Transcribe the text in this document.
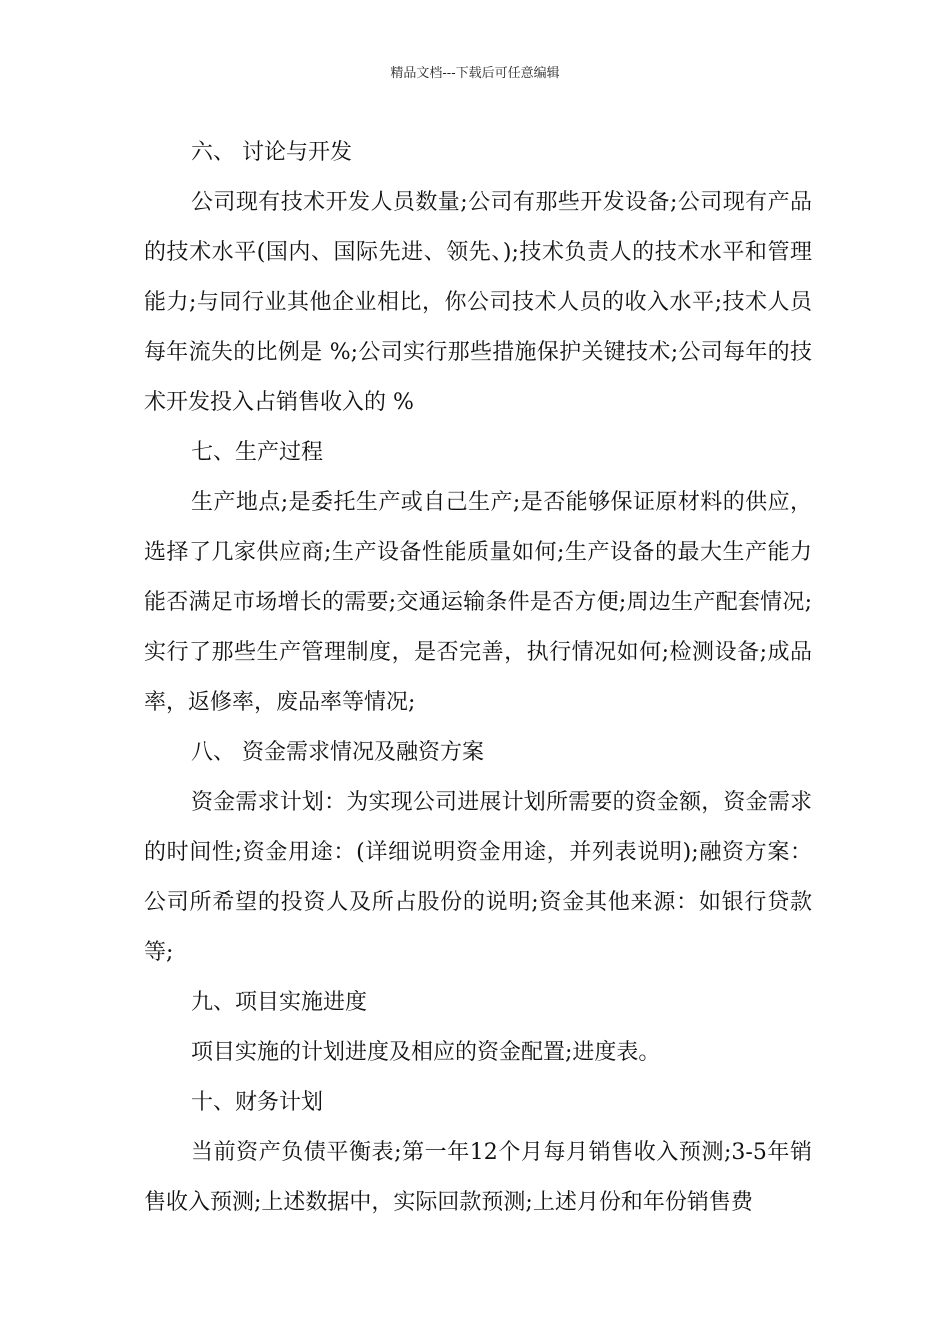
精品文档---下载后可任意编辑
六、 讨论与开发

公司现有技术开发人员数量;公司有那些开发设备;公司现有产品的技术水平(国内、国际先进、领先、);技术负责人的技术水平和管理能力;与同行业其他企业相比，你公司技术人员的收入水平;技术人员每年流失的比例是 %;公司实行那些措施保护关键技术;公司每年的技术开发投入占销售收入的 %

七、生产过程

生产地点;是委托生产或自己生产;是否能够保证原材料的供应，选择了几家供应商;生产设备性能质量如何;生产设备的最大生产能力能否满足市场增长的需要;交通运输条件是否方便;周边生产配套情况;实行了那些生产管理制度，是否完善，执行情况如何;检测设备;成品率，返修率，废品率等情况;

八、 资金需求情况及融资方案

资金需求计划：为实现公司进展计划所需要的资金额，资金需求的时间性;资金用途：(详细说明资金用途，并列表说明);融资方案：公司所希望的投资人及所占股份的说明;资金其他来源：如银行贷款等;

九、项目实施进度

项目实施的计划进度及相应的资金配置;进度表。

十、财务计划

当前资产负债平衡表;第一年12个月每月销售收入预测;3-5年销售收入预测;上述数据中，实际回款预测;上述月份和年份销售费
